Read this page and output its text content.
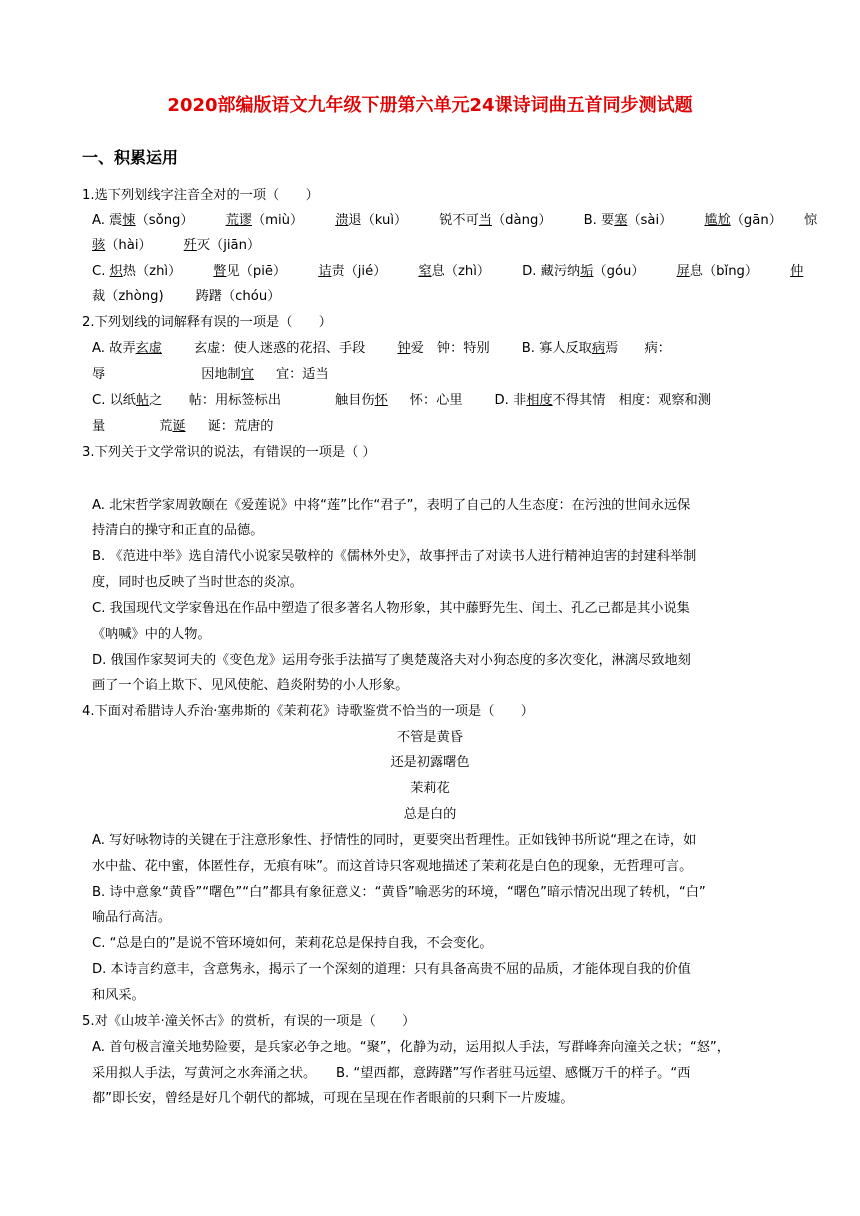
2020部编版语文九年级下册第六单元24课诗词曲五首同步测试题
一、积累运用
1.选下列划线字注音全对的一项（　　）
A. 震悚（sǒng） 荒谬（miù） 溃退（kuì） 锐不可当（dàng） B. 要塞（sài） 尴尬（gān） 惊
骇（hài） 歼灭（jiān）
C. 炽热（zhì） 瞥见（piē） 诘责（jié） 窒息（zhì） D. 藏污纳垢（góu） 屏息（bǐng） 仲
裁（zhòng) 踌躇（chóu）
2.下列划线的词解释有误的一项是（　　）
A. 故弄玄虚 玄虚：使人迷惑的花招、手段 钟爱　钟：特别 B. 寡人反取病焉　　病：
辱	因地制宜 宜：适当
C. 以纸帖之　　帖：用标签标出	触目伤怀 怀：心里 D. 非相度不得其情　相度：观察和测
量	荒诞 诞：荒唐的
3.下列关于文学常识的说法，有错误的一项是（ ）
A. 北宋哲学家周敦颐在《爱莲说》中将“莲”比作“君子”，表明了自己的人生态度：在污浊的世间永远保
持清白的操守和正直的品德。
B. 《范进中举》选自清代小说家吴敬梓的《儒林外史》，故事抨击了对读书人进行精神迫害的封建科举制
度，同时也反映了当时世态的炎凉。
C. 我国现代文学家鲁迅在作品中塑造了很多著名人物形象，其中藤野先生、闰土、孔乙己都是其小说集
《呐喊》中的人物。
D. 俄国作家契诃夫的《变色龙》运用夸张手法描写了奥楚蔑洛夫对小狗态度的多次变化，淋漓尽致地刻
画了一个谄上欺下、见风使舵、趋炎附势的小人形象。
4.下面对希腊诗人乔治·塞弗斯的《茉莉花》诗歌鉴赏不恰当的一项是（　　）
不管是黄昏
还是初露曙色
茉莉花
总是白的
A. 写好咏物诗的关键在于注意形象性、抒情性的同时，更要突出哲理性。正如钱钟书所说“理之在诗，如
水中盐、花中蜜，体匿性存，无痕有味”。而这首诗只客观地描述了茉莉花是白色的现象，无哲理可言。
B. 诗中意象“黄昏”“曙色”“白”都具有象征意义：“黄昏”喻恶劣的环境，“曙色”暗示情况出现了转机，“白”
喻品行高洁。
C. “总是白的”是说不管环境如何，茉莉花总是保持自我，不会变化。
D. 本诗言约意丰，含意隽永，揭示了一个深刻的道理：只有具备高贵不屈的品质，才能体现自我的价值
和风采。
5.对《山坡羊·潼关怀古》的赏析，有误的一项是（　　）
A. 首句极言潼关地势险要，是兵家必争之地。“聚”，化静为动，运用拟人手法，写群峰奔向潼关之状；“怒”，
采用拟人手法，写黄河之水奔涌之状。　　B. “望西都，意踌躇”写作者驻马远望、感慨万千的样子。“西
都”即长安，曾经是好几个朝代的都城，可现在呈现在作者眼前的只剩下一片废墟。
